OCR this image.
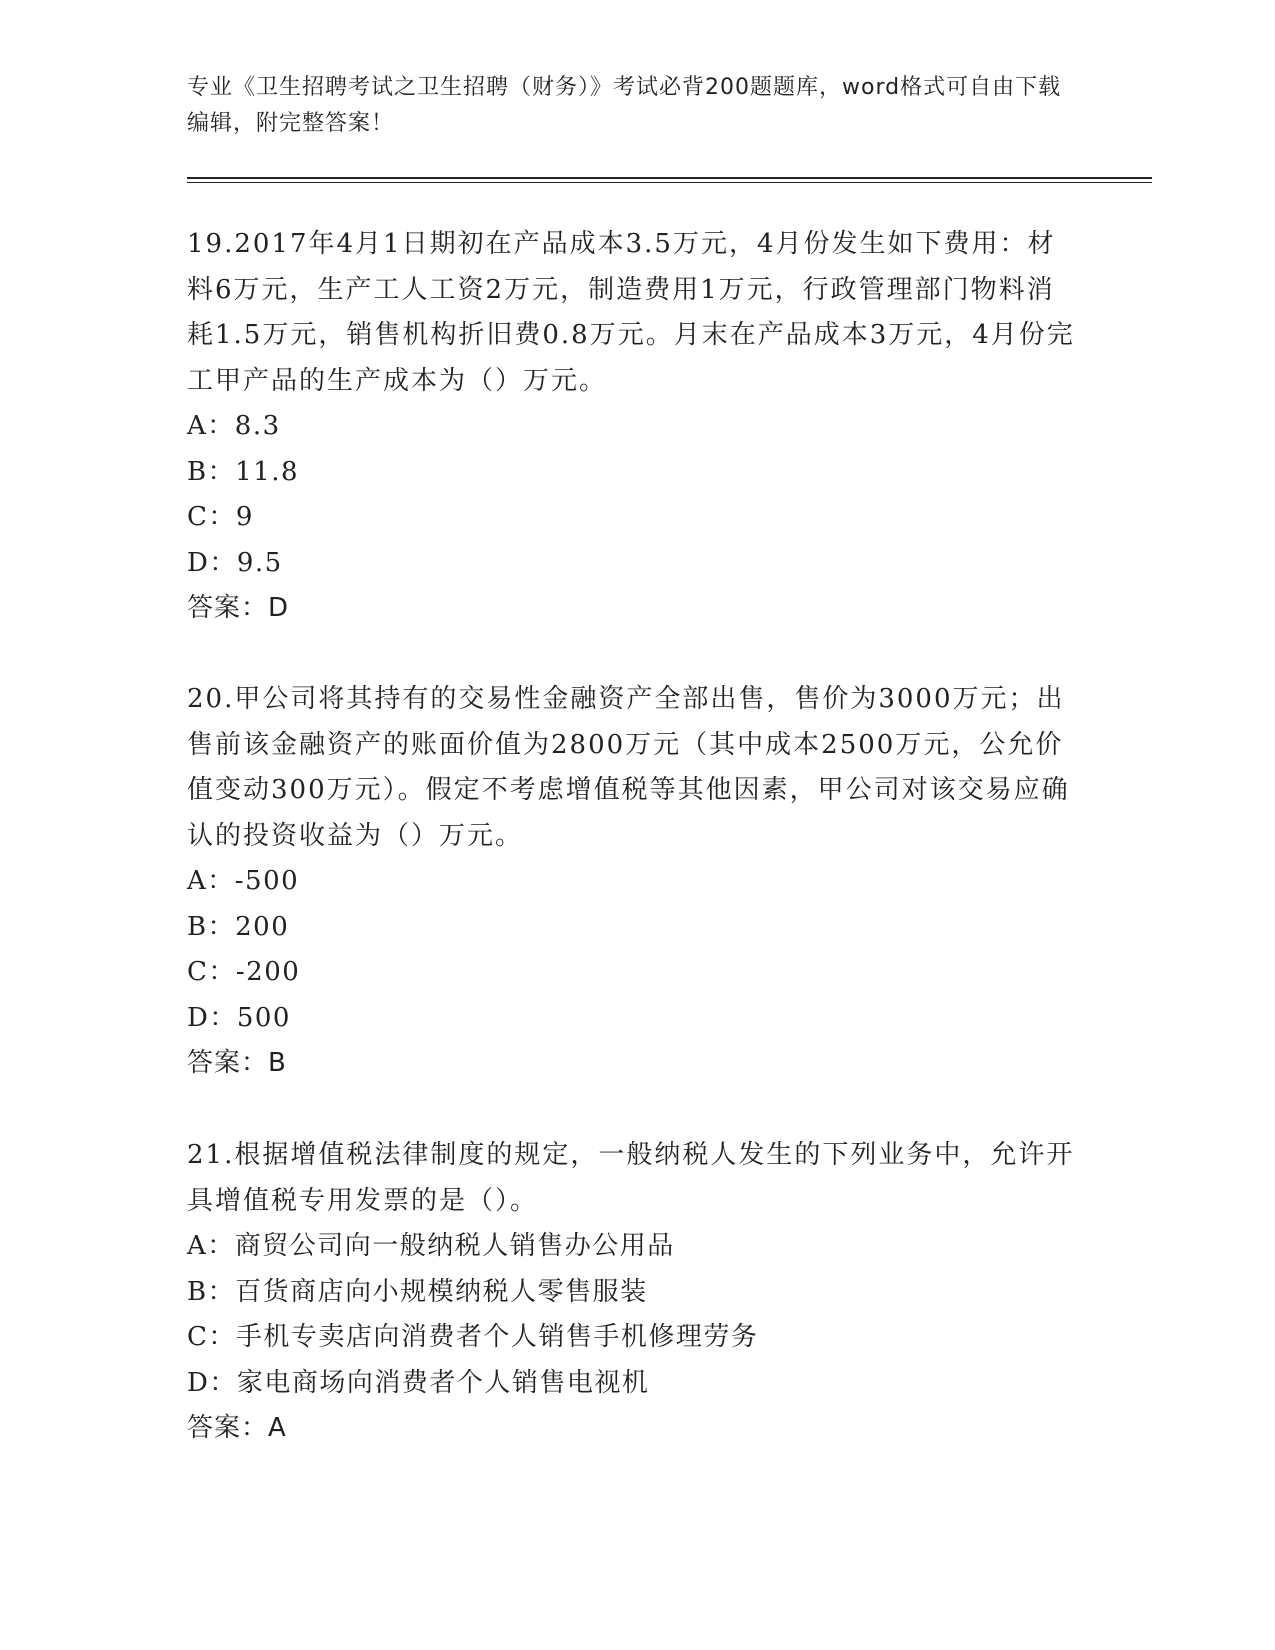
专业《卫生招聘考试之卫生招聘（财务）》考试必背200题题库，word格式可自由下载编辑，附完整答案！

19.2017年4月1日期初在产品成本3.5万元，4月份发生如下费用：材料6万元，生产工人工资2万元，制造费用1万元，行政管理部门物料消耗1.5万元，销售机构折旧费0.8万元。月末在产品成本3万元，4月份完工甲产品的生产成本为（）万元。

A：8.3

B：11.8

C：9

D：9.5

答案：D

20.甲公司将其持有的交易性金融资产全部出售，售价为3000万元；出售前该金融资产的账面价值为2800万元（其中成本2500万元，公允价值变动300万元）。假定不考虑增值税等其他因素，甲公司对该交易应确认的投资收益为（）万元。

A：-500

B：200

C：-200

D：500

答案：B

21.根据增值税法律制度的规定，一般纳税人发生的下列业务中，允许开具增值税专用发票的是（）。

A：商贸公司向一般纳税人销售办公用品

B：百货商店向小规模纳税人零售服装

C：手机专卖店向消费者个人销售手机修理劳务

D：家电商场向消费者个人销售电视机

答案：A
